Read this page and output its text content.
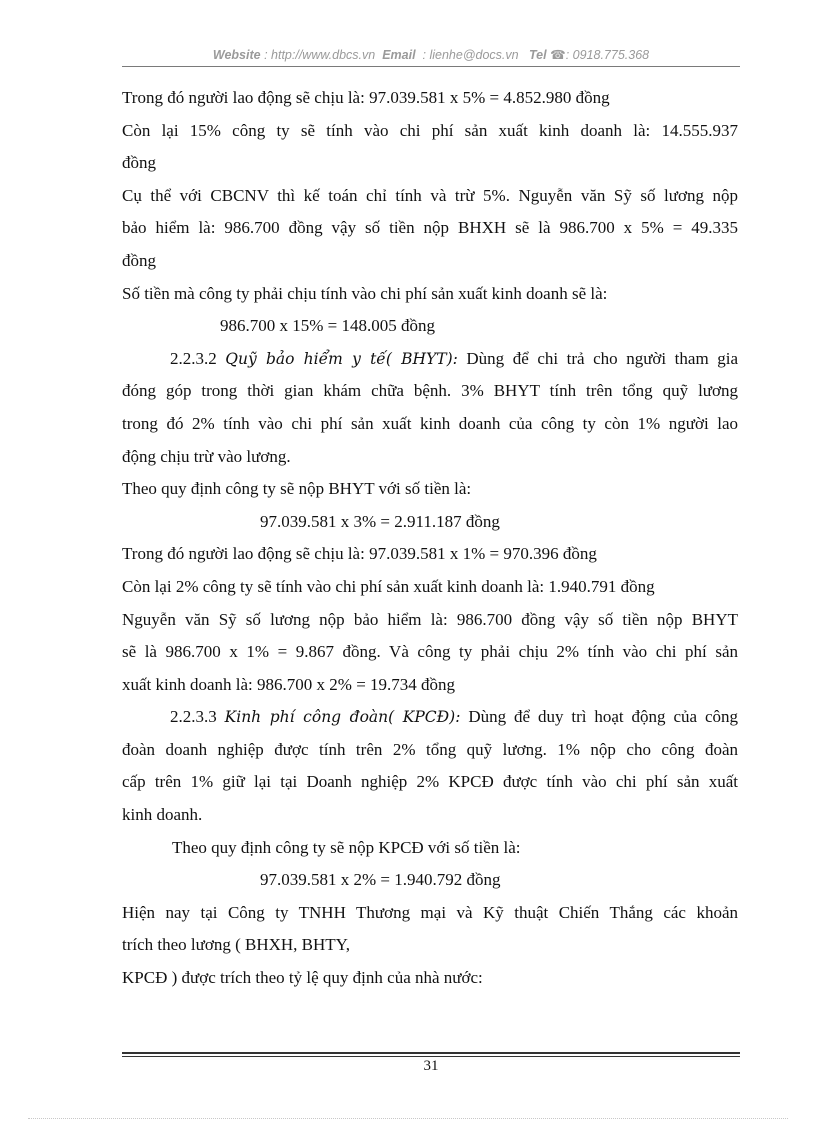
Website : http://www.dbcs.vn Email : lienhe@docs.vn Tel ☎: 0918.775.368

Trong đó người lao động sẽ chịu là: 97.039.581 x 5% = 4.852.980 đồng

Còn lại 15% công ty sẽ tính vào chi phí sản xuất kinh doanh là: 14.555.937

đồng

Cụ thể với CBCNV thì kế toán chỉ tính và trừ 5%. Nguyễn văn Sỹ số lương nộp

bảo hiểm là: 986.700 đồng vậy số tiền nộp BHXH sẽ là 986.700 x 5% = 49.335

đồng

Số tiền mà công ty phải chịu tính vào chi phí sản xuất kinh doanh sẽ là:

986.700 x 15% = 148.005 đồng

2.2.3.2 Quỹ bảo hiểm y tế( BHYT): Dùng để chi trả cho người tham gia

đóng góp trong thời gian khám chữa bệnh. 3% BHYT tính trên tổng quỹ lương

trong đó 2% tính vào chi phí sản xuất kinh doanh của công ty còn 1% người lao

động chịu trừ vào lương.

Theo quy định công ty sẽ nộp BHYT với số tiền là:

97.039.581 x 3% = 2.911.187 đồng

Trong đó người lao động sẽ chịu là: 97.039.581 x 1% = 970.396 đồng

Còn lại 2% công ty sẽ tính vào chi phí sản xuất kinh doanh là: 1.940.791 đồng

Nguyễn văn Sỹ số lương nộp bảo hiểm là: 986.700 đồng vậy số tiền nộp BHYT

sẽ là 986.700 x 1% = 9.867 đồng. Và công ty phải chịu 2% tính vào chi phí sản

xuất kinh doanh là: 986.700 x 2% = 19.734 đồng

2.2.3.3 Kinh phí công đoàn( KPCĐ): Dùng để duy trì hoạt động của công

đoàn doanh nghiệp được tính trên 2% tổng quỹ lương. 1% nộp cho công đoàn

cấp trên 1% giữ lại tại Doanh nghiệp 2% KPCĐ được tính vào chi phí sản xuất

kinh doanh.

Theo quy định công ty sẽ nộp KPCĐ với số tiền là:

97.039.581 x 2% = 1.940.792 đồng

Hiện nay tại Công ty TNHH Thương mại và Kỹ thuật Chiến Thắng các khoản

trích theo lương ( BHXH, BHTY,

KPCĐ ) được trích theo tỷ lệ quy định của nhà nước:

31
